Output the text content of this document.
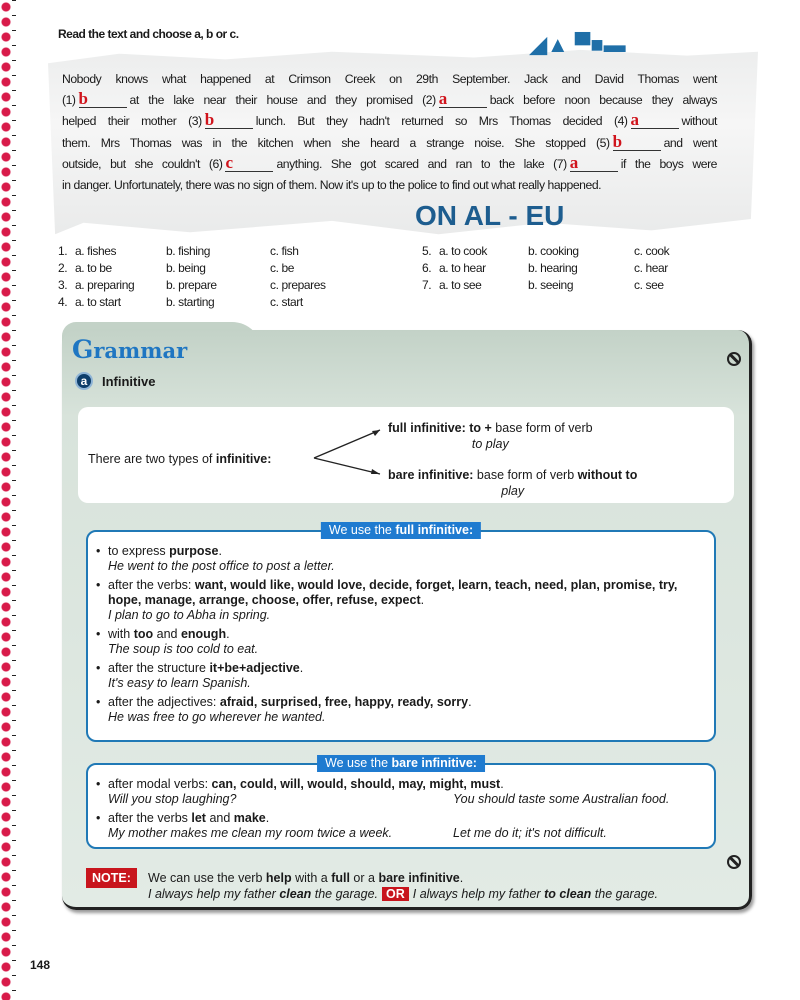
Read the text and choose a, b or c.	◢▲ ▀■▬
ON AL ‑ EU
Nobody knows what happened at Crimson Creek on 29th September. Jack and David Thomas went
(1) b	at the lake near their house and they promised (2) a	back before noon because they always
helped their mother (3) b	lunch. But they hadn't returned so Mrs Thomas decided (4) a	without
them. Mrs Thomas was in the kitchen when she heard a strange noise. She stopped (5) b	and went
outside, but she couldn't (6) c	anything. She got scared and ran to the lake (7) a	if the boys were
in danger. Unfortunately, there was no sign of them. Now it's up to the police to find out what really happened.
1. a. fishes	b. fishing	c. fish
2. a. to be	b. being	c. be
3. a. preparing	b. prepare	c. prepares
4. a. to start	b. starting	c. start
5. a. to cook	b. cooking	c. cook
6. a. to hear	b. hearing	c. hear
7. a. to see	b. seeing	c. see
Grammar
a	Infinitive
There are two types of infinitive:
full infinitive: to + base form of verb
to play
bare infinitive: base form of verb without to
play
We use the full infinitive:
• to express purpose.
He went to the post office to post a letter.
• after the verbs: want, would like, would love, decide, forget, learn, teach, need, plan, promise, try, hope, manage, arrange, choose, offer, refuse, expect.
I plan to go to Abha in spring.
• with too and enough.
The soup is too cold to eat.
• after the structure it+be+adjective.
It's easy to learn Spanish.
• after the adjectives: afraid, surprised, free, happy, ready, sorry.
He was free to go wherever he wanted.
We use the bare infinitive:
• after modal verbs: can, could, will, would, should, may, might, must.
Will you stop laughing?	You should taste some Australian food.
• after the verbs let and make.
My mother makes me clean my room twice a week.	Let me do it; it's not difficult.
NOTE:	We can use the verb help with a full or a bare infinitive.
I always help my father clean the garage. OR I always help my father to clean the garage.
148
